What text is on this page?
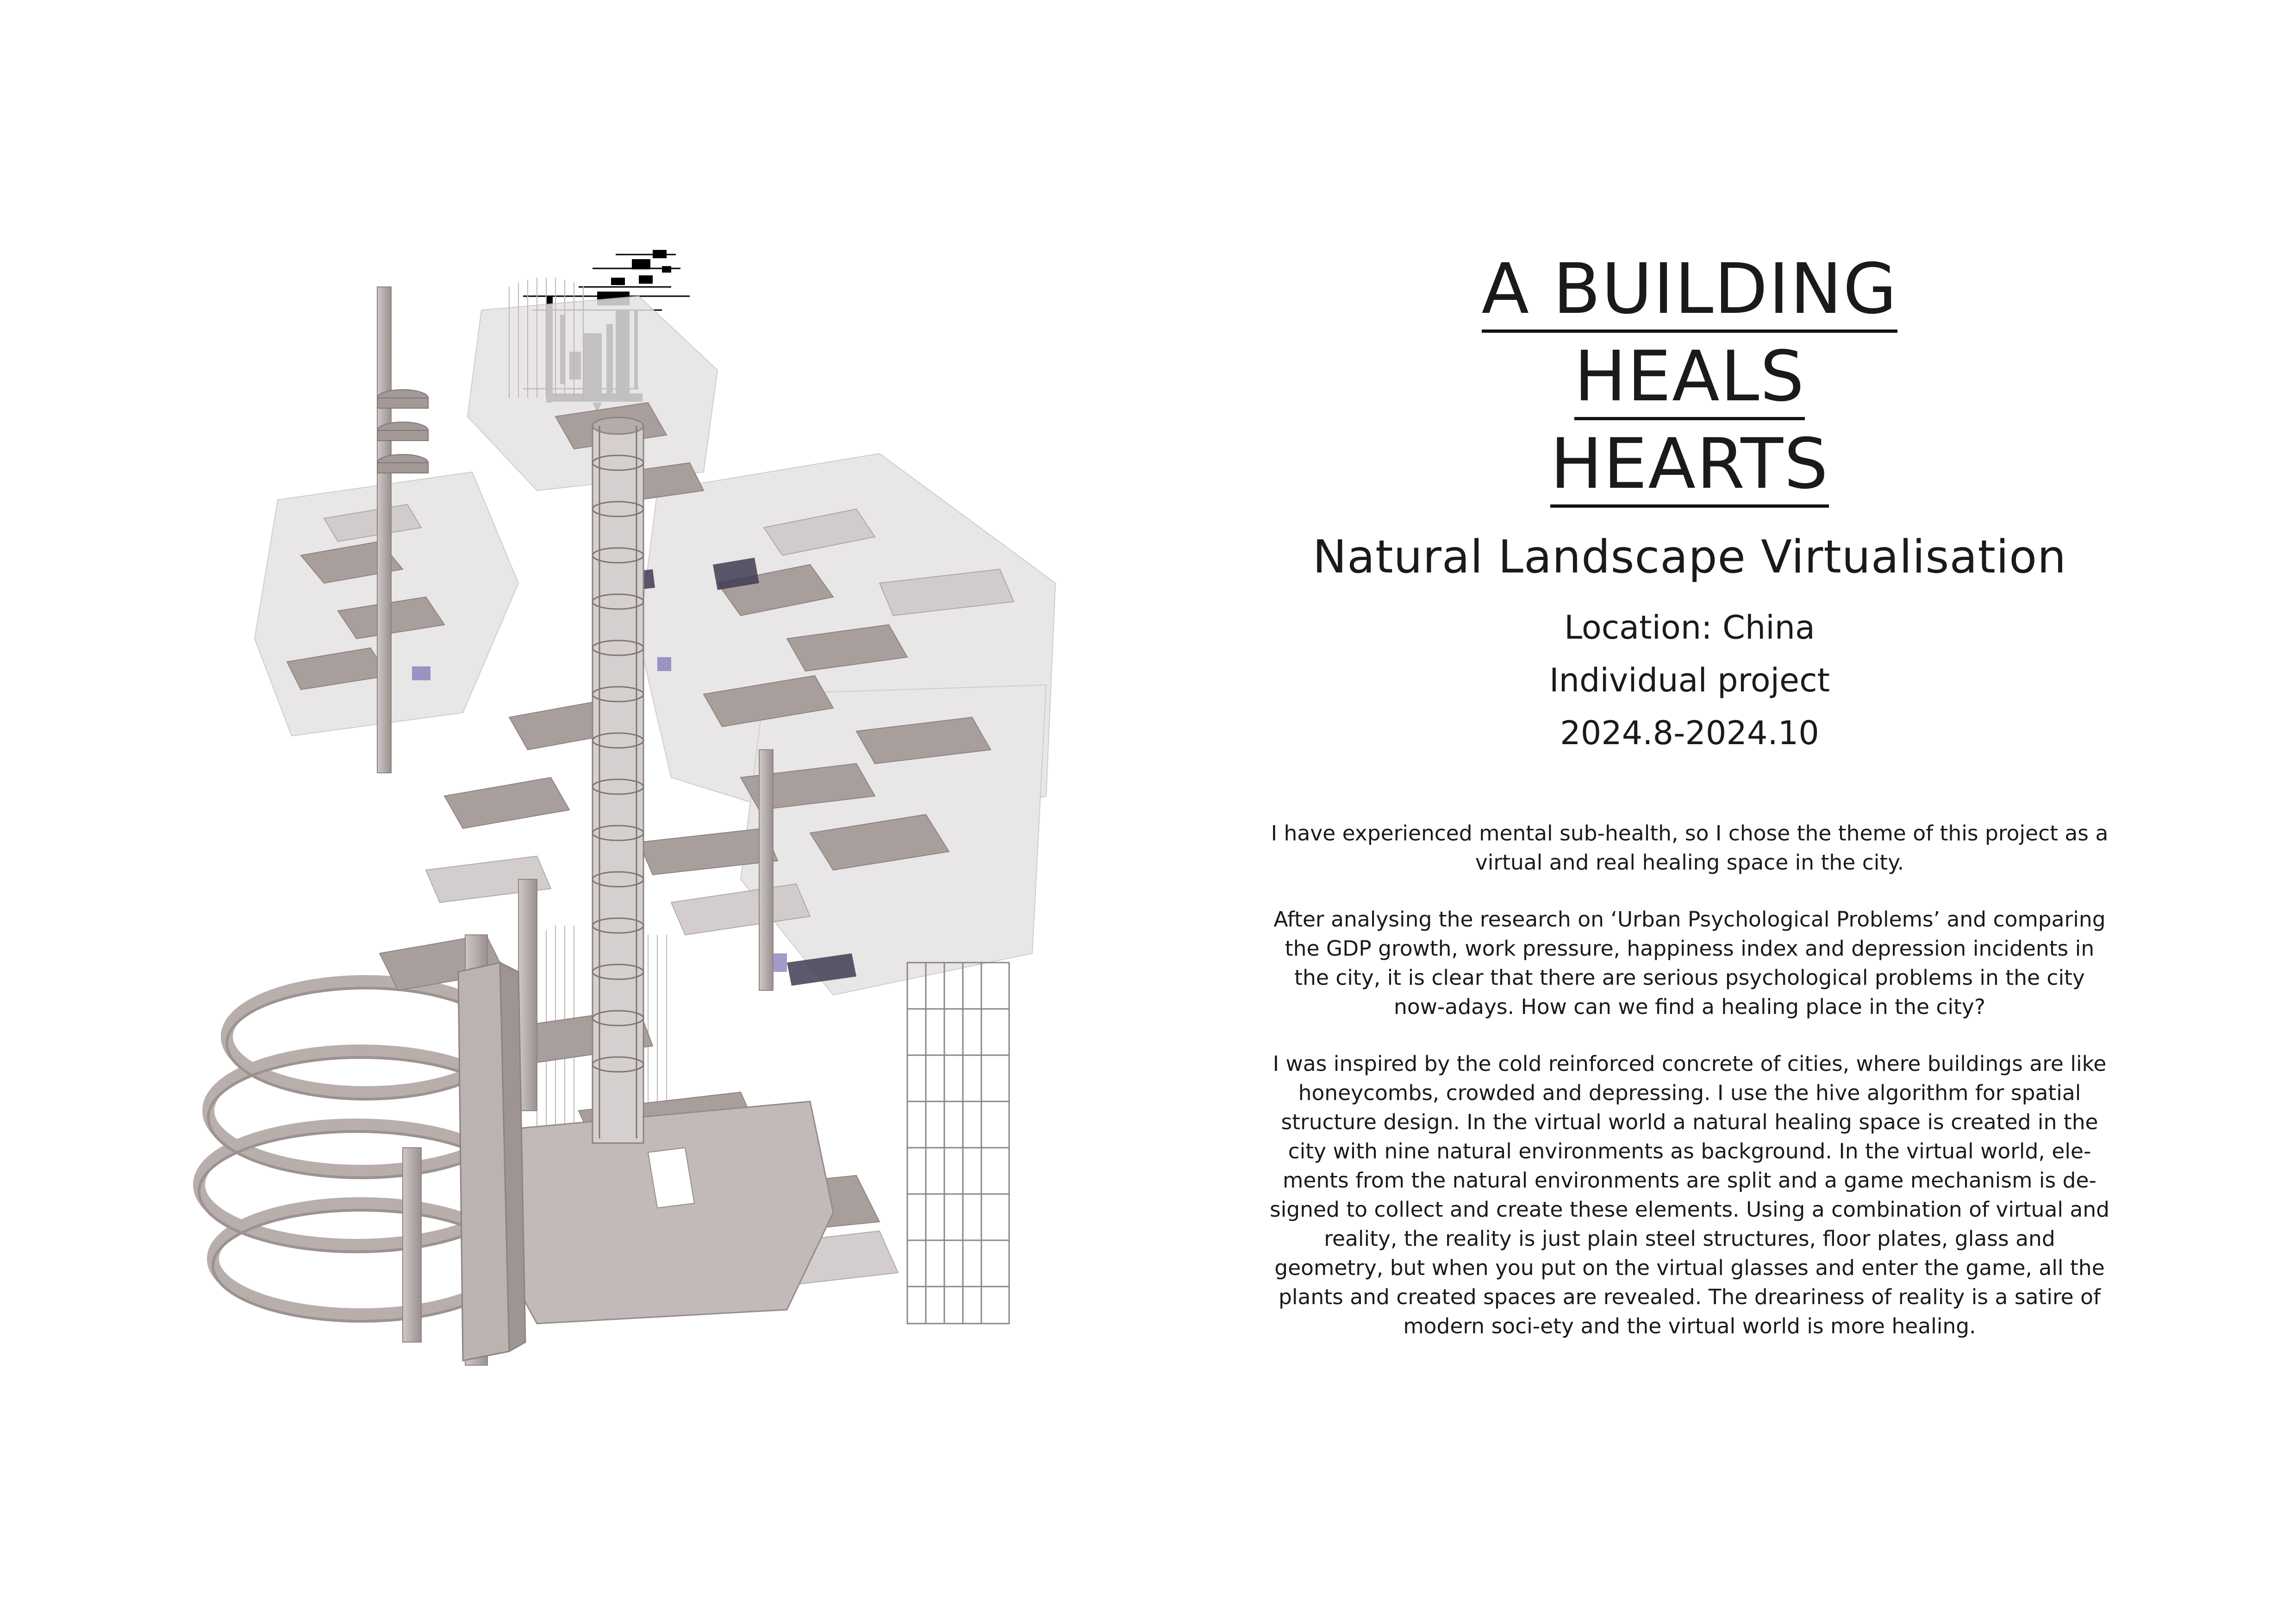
A BUILDING
HEALS
HEARTS
Natural Landscape Virtualisation
Location: China
Individual project
2024.8-2024.10

I have experienced mental sub-health, so I chose the theme of this project as a virtual and real healing space in the city.

After analysing the research on ‘Urban Psychological Problems’ and comparing the GDP growth, work pressure, happiness index and depression incidents in the city, it is clear that there are serious psychological problems in the city now-adays. How can we find a healing place in the city?

I was inspired by the cold reinforced concrete of cities, where buildings are like honeycombs, crowded and depressing. I use the hive algorithm for spatial structure design. In the virtual world a natural healing space is created in the city with nine natural environments as background. In the virtual world, ele-ments from the natural environments are split and a game mechanism is de-signed to collect and create these elements. Using a combination of virtual and reality, the reality is just plain steel structures, floor plates, glass and geometry, but when you put on the virtual glasses and enter the game, all the plants and created spaces are revealed. The dreariness of reality is a satire of modern soci-ety and the virtual world is more healing.
